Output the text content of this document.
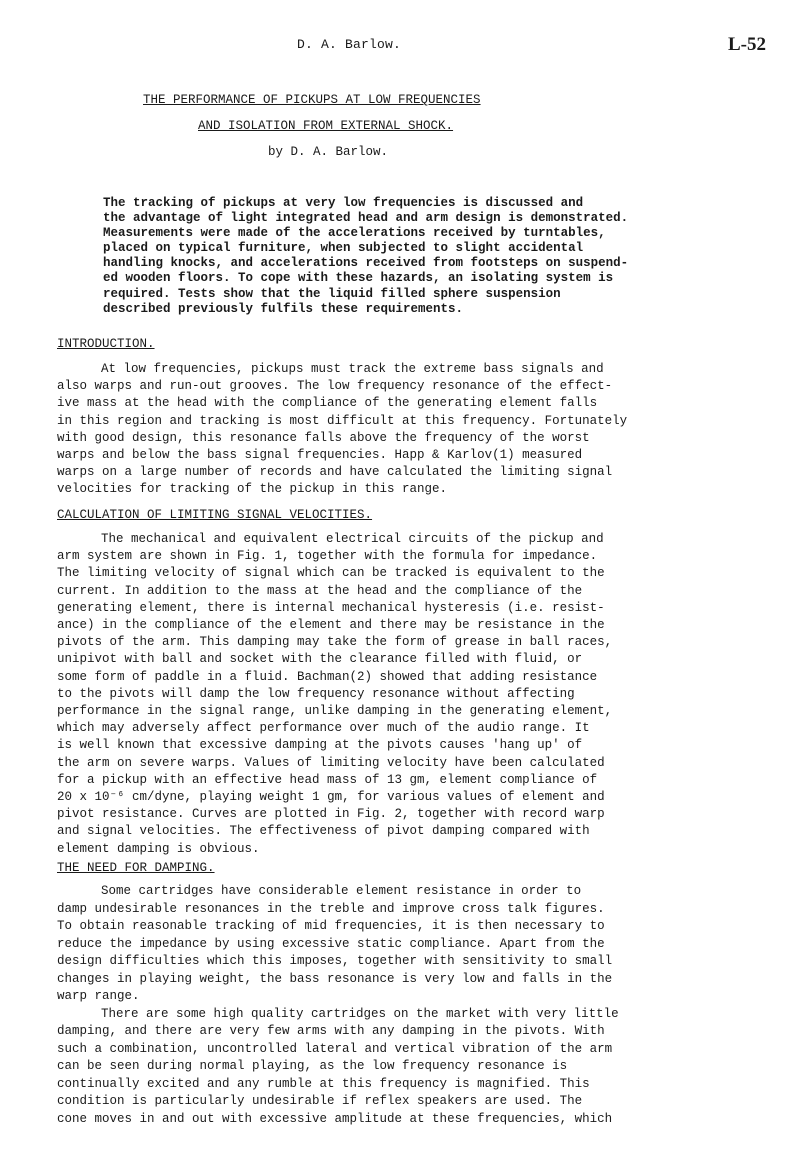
D. A. Barlow.	L-52
THE PERFORMANCE OF PICKUPS AT LOW FREQUENCIES
AND ISOLATION FROM EXTERNAL SHOCK.
by D. A. Barlow.
The tracking of pickups at very low frequencies is discussed and
the advantage of light integrated head and arm design is demonstrated.
Measurements were made of the accelerations received by turntables,
placed on typical furniture, when subjected to slight accidental
handling knocks, and accelerations received from footsteps on suspend-
ed wooden floors. To cope with these hazards, an isolating system is
required. Tests show that the liquid filled sphere suspension
described previously fulfils these requirements.
INTRODUCTION.
At low frequencies, pickups must track the extreme bass signals and
also warps and run-out grooves. The low frequency resonance of the effect-
ive mass at the head with the compliance of the generating element falls
in this region and tracking is most difficult at this frequency. Fortunately
with good design, this resonance falls above the frequency of the worst
warps and below the bass signal frequencies. Happ & Karlov(1) measured
warps on a large number of records and have calculated the limiting signal
velocities for tracking of the pickup in this range.
CALCULATION OF LIMITING SIGNAL VELOCITIES.
The mechanical and equivalent electrical circuits of the pickup and
arm system are shown in Fig. 1, together with the formula for impedance.
The limiting velocity of signal which can be tracked is equivalent to the
current. In addition to the mass at the head and the compliance of the
generating element, there is internal mechanical hysteresis (i.e. resist-
ance) in the compliance of the element and there may be resistance in the
pivots of the arm. This damping may take the form of grease in ball races,
unipivot with ball and socket with the clearance filled with fluid, or
some form of paddle in a fluid. Bachman(2) showed that adding resistance
to the pivots will damp the low frequency resonance without affecting
performance in the signal range, unlike damping in the generating element,
which may adversely affect performance over much of the audio range. It
is well known that excessive damping at the pivots causes 'hang up' of
the arm on severe warps. Values of limiting velocity have been calculated
for a pickup with an effective head mass of 13 gm, element compliance of
20 x 10⁻⁶ cm/dyne, playing weight 1 gm, for various values of element and
pivot resistance. Curves are plotted in Fig. 2, together with record warp
and signal velocities. The effectiveness of pivot damping compared with
element damping is obvious.
THE NEED FOR DAMPING.
Some cartridges have considerable element resistance in order to
damp undesirable resonances in the treble and improve cross talk figures.
To obtain reasonable tracking of mid frequencies, it is then necessary to
reduce the impedance by using excessive static compliance. Apart from the
design difficulties which this imposes, together with sensitivity to small
changes in playing weight, the bass resonance is very low and falls in the
warp range.
There are some high quality cartridges on the market with very little
damping, and there are very few arms with any damping in the pivots. With
such a combination, uncontrolled lateral and vertical vibration of the arm
can be seen during normal playing, as the low frequency resonance is
continually excited and any rumble at this frequency is magnified. This
condition is particularly undesirable if reflex speakers are used. The
cone moves in and out with excessive amplitude at these frequencies, which
